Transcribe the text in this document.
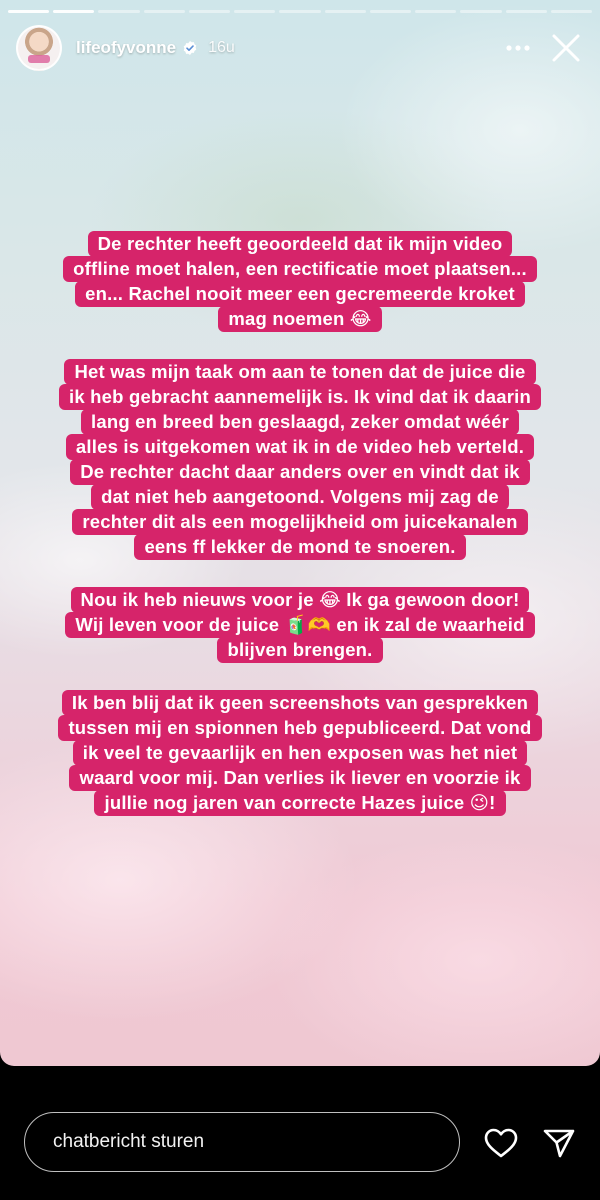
lifeofyvonne 16u
De rechter heeft geoordeeld dat ik mijn video
offline moet halen, een rectificatie moet plaatsen...
en... Rachel nooit meer een gecremeerde kroket
mag noemen 😂
Het was mijn taak om aan te tonen dat de juice die
ik heb gebracht aannemelijk is. Ik vind dat ik daarin
lang en breed ben geslaagd, zeker omdat wéér
alles is uitgekomen wat ik in de video heb verteld.
De rechter dacht daar anders over en vindt dat ik
dat niet heb aangetoond. Volgens mij zag de
rechter dit als een mogelijkheid om juicekanalen
eens ff lekker de mond te snoeren.
Nou ik heb nieuws voor je 😂 Ik ga gewoon door!
Wij leven voor de juice 🧃🫶 en ik zal de waarheid
blijven brengen.
Ik ben blij dat ik geen screenshots van gesprekken
tussen mij en spionnen heb gepubliceerd. Dat vond
ik veel te gevaarlijk en hen exposen was het niet
waard voor mij. Dan verlies ik liever en voorzie ik
jullie nog jaren van correcte Hazes juice 😉!
chatbericht sturen
